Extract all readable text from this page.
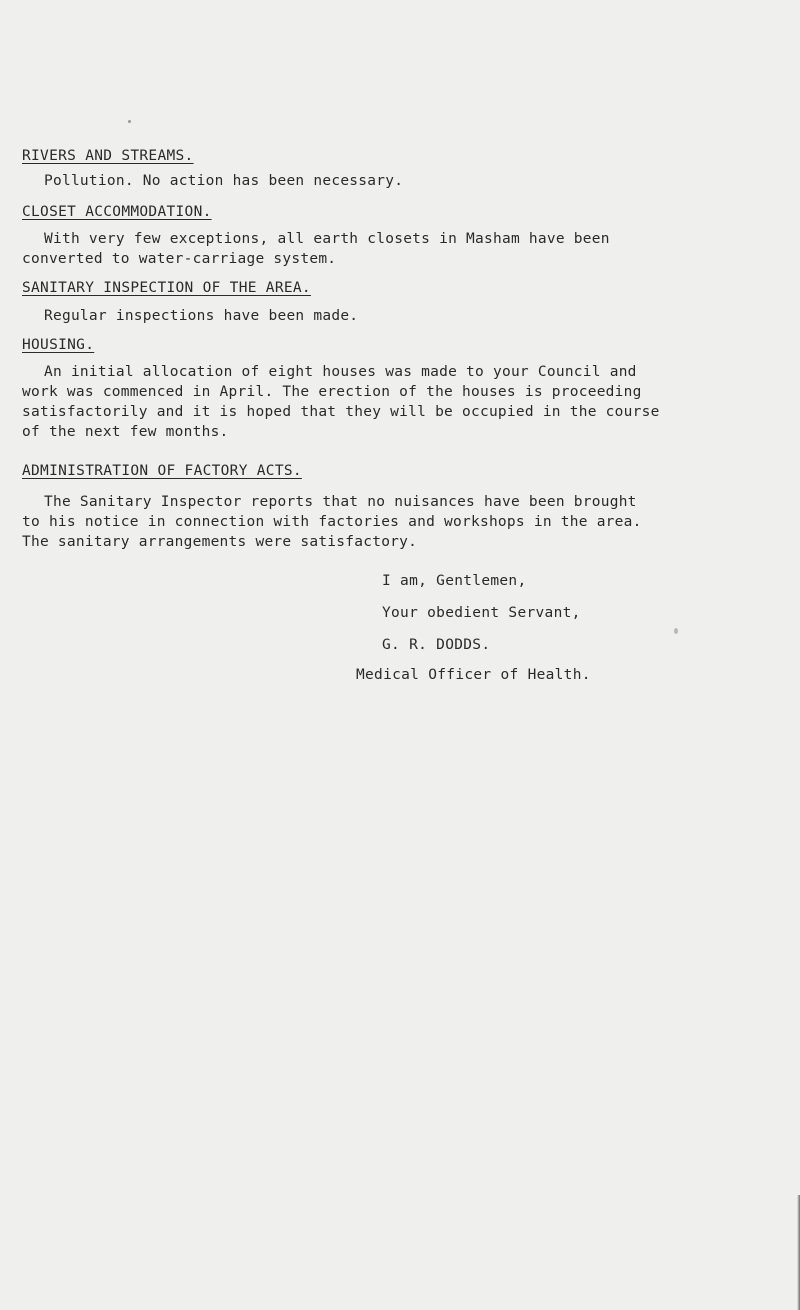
RIVERS AND STREAMS.
Pollution. No action has been necessary.
CLOSET ACCOMMODATION.
With very few exceptions, all earth closets in Masham have been
converted to water-carriage system.
SANITARY INSPECTION OF THE AREA.
Regular inspections have been made.
HOUSING.
An initial allocation of eight houses was made to your Council and
work was commenced in April. The erection of the houses is proceeding
satisfactorily and it is hoped that they will be occupied in the course
of the next few months.
ADMINISTRATION OF FACTORY ACTS.
The Sanitary Inspector reports that no nuisances have been brought
to his notice in connection with factories and workshops in the area.
The sanitary arrangements were satisfactory.
I am, Gentlemen,
Your obedient Servant,
G. R. DODDS.
Medical Officer of Health.
